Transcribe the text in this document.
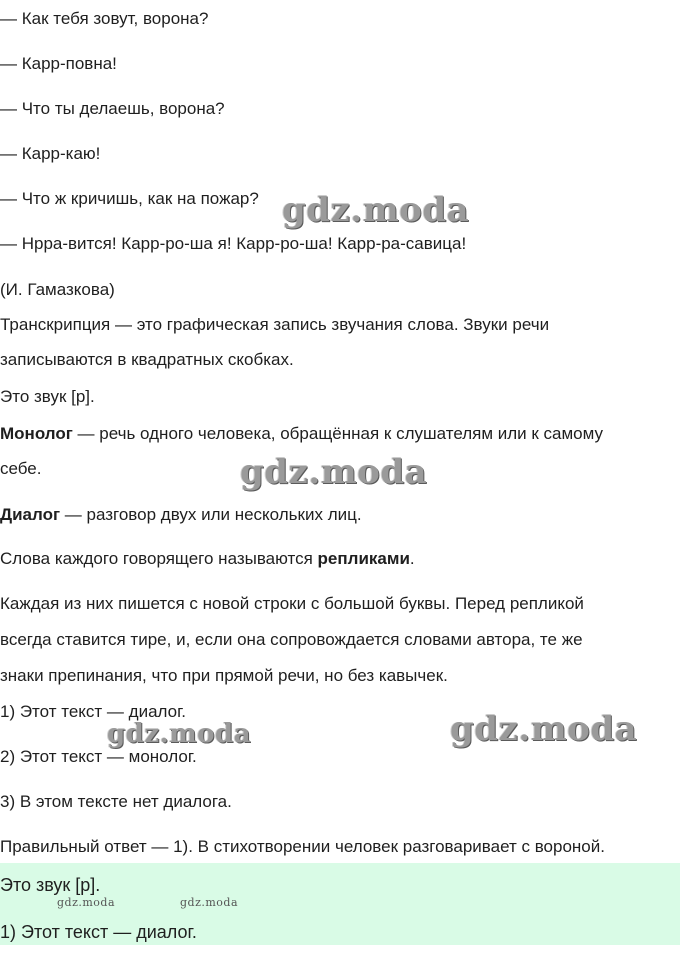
— Как тебя зовут, ворона?
— Карр-повна!
— Что ты делаешь, ворона?
— Карр-каю!
— Что ж кричишь, как на пожар?
— Нрра-вится! Карр-ро-ша я! Карр-ро-ша! Карр-ра-савица!
(И. Гамазкова)
Транскрипция — это графическая запись звучания слова. Звуки речи
записываются в квадратных скобках.
Это звук [р].
Монолог — речь одного человека, обращённая к слушателям или к самому
себе.
Диалог — разговор двух или нескольких лиц.
Слова каждого говорящего называются репликами.
Каждая из них пишется с новой строки с большой буквы. Перед репликой
всегда ставится тире, и, если она сопровождается словами автора, те же
знаки препинания, что при прямой речи, но без кавычек.
1) Этот текст — диалог.
2) Этот текст — монолог.
3) В этом тексте нет диалога.
Правильный ответ — 1). В стихотворении человек разговаривает с вороной.
Это звук [р].
1) Этот текст — диалог.
gdz.moda
gdz.moda
gdz.moda
gdz.moda
gdz.moda	gdz.moda
